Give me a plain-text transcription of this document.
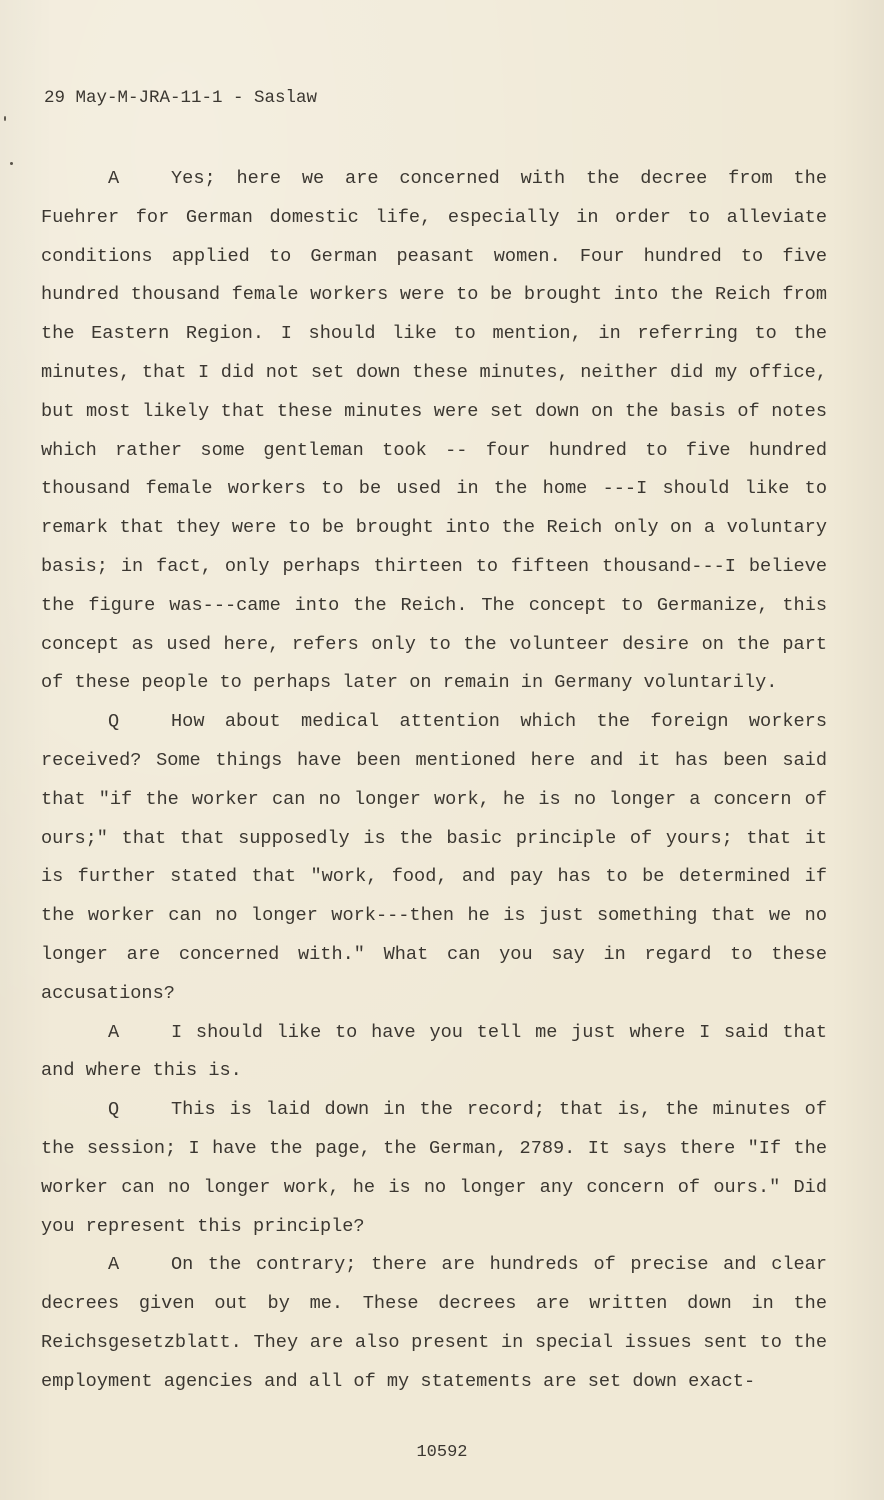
29 May-M-JRA-11-1 - Saslaw

A	Yes; here we are concerned with the decree from the Fuehrer for German domestic life, especially in order to alleviate conditions applied to German peasant women. Four hundred to five hundred thousand female workers were to be brought into the Reich from the Eastern Region. I should like to mention, in referring to the minutes, that I did not set down these minutes, neither did my office, but most likely that these minutes were set down on the basis of notes which rather some gentleman took -- four hundred to five hundred thousand female workers to be used in the home ---I should like to remark that they were to be brought into the Reich only on a voluntary basis; in fact, only perhaps thirteen to fifteen thousand---I believe the figure was---came into the Reich. The concept to Germanize, this concept as used here, refers only to the volunteer desire on the part of these people to perhaps later on remain in Germany voluntarily.

Q	How about medical attention which the foreign workers received? Some things have been mentioned here and it has been said that "if the worker can no longer work, he is no longer a concern of ours;" that that supposedly is the basic principle of yours; that it is further stated that "work, food, and pay has to be determined if the worker can no longer work---then he is just something that we no longer are concerned with." What can you say in regard to these accusations?

A	I should like to have you tell me just where I said that and where this is.

Q	This is laid down in the record; that is, the minutes of the session; I have the page, the German, 2789. It says there "If the worker can no longer work, he is no longer any concern of ours." Did you represent this principle?

A	On the contrary; there are hundreds of precise and clear decrees given out by me. These decrees are written down in the Reichsgesetzblatt. They are also present in special issues sent to the employment agencies and all of my statements are set down exact-

10592
